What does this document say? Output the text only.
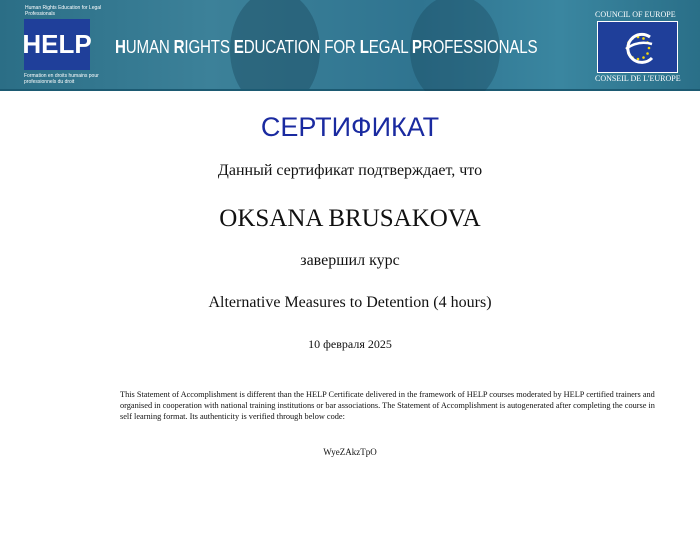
Human Rights Education for Legal Professionals
HELP
Formation en droits humains pour professionnels du droit
HUMAN RIGHTS EDUCATION FOR LEGAL PROFESSIONALS
COUNCIL OF EUROPE
CONSEIL DE L'EUROPE
СЕРТИФИКАТ
Данный сертификат подтверждает, что
OKSANA BRUSAKOVA
завершил курс
Alternative Measures to Detention (4 hours)
10 февраля 2025
This Statement of Accomplishment is different than the HELP Certificate delivered in the framework of HELP courses moderated by HELP certified trainers and organised in cooperation with national training institutions or bar associations. The Statement of Accomplishment is autogenerated after completing the course in self learning format. Its authenticity is verified through below code:
WyeZAkzTpO
